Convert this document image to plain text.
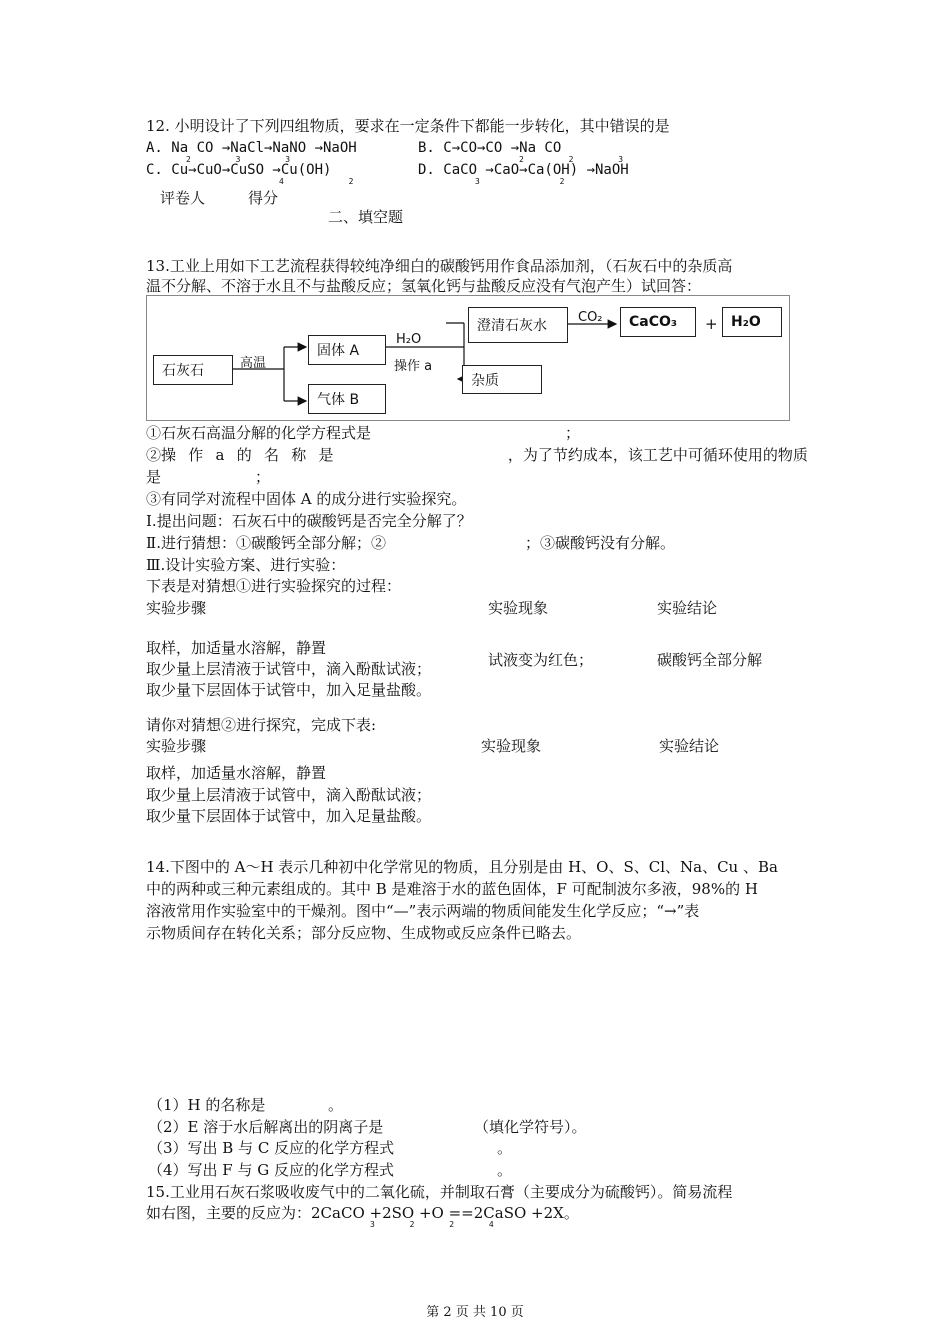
12. 小明设计了下列四组物质，要求在一定条件下都能一步转化，其中错误的是
A. Na CO →NaCl→NaNO →NaOH
2 3 3
B. C→CO→CO →Na CO
2 2 3
C. Cu→CuO→CuSO →Cu(OH)
4 2
D. CaCO →CaO→Ca(OH) →NaOH
3 2
评卷人	得分
二、填空题
13.工业上用如下工艺流程获得较纯净细白的碳酸钙用作食品添加剂，（石灰石中的杂质高
温不分解、不溶于水且不与盐酸反应；氢氧化钙与盐酸反应没有气泡产生）试回答：
石灰石	高温
固体 A
气体 B
H₂O
操作 a
澄清石灰水
CO₂	CaCO₃	+ H₂O
杂质
①石灰石高温分解的化学方程式是	；
②操 作 a 的 名 称 是	，为了节约成本，该工艺中可循环使用的物质
是	；
③有同学对流程中固体 A 的成分进行实验探究。
Ⅰ.提出问题：石灰石中的碳酸钙是否完全分解了？
Ⅱ.进行猜想：①碳酸钙全部分解；②	；③碳酸钙没有分解。
Ⅲ.设计实验方案、进行实验：
下表是对猜想①进行实验探究的过程：
实验步骤	实验现象	实验结论
取样，加适量水溶解，静置
取少量上层清液于试管中，滴入酚酞试液；
取少量下层固体于试管中，加入足量盐酸。
试液变为红色；	碳酸钙全部分解
请你对猜想②进行探究，完成下表:
实验步骤	实验现象	实验结论
取样，加适量水溶解，静置
取少量上层清液于试管中，滴入酚酞试液；
取少量下层固体于试管中，加入足量盐酸。
14.下图中的 A～H 表示几种初中化学常见的物质，且分别是由 H、O、S、Cl、Na、Cu 、Ba
中的两种或三种元素组成的。其中 B 是难溶于水的蓝色固体，F 可配制波尔多液，98%的 H
溶液常用作实验室中的干燥剂。图中“—”表示两端的物质间能发生化学反应；“→”表
示物质间存在转化关系；部分反应物、生成物或反应条件已略去。
（1）H 的名称是	。
（2）E 溶于水后解离出的阴离子是	（填化学符号）。
（3）写出 B 与 C 反应的化学方程式	。
（4）写出 F 与 G 反应的化学方程式	。
15.工业用石灰石浆吸收废气中的二氧化硫，并制取石膏（主要成分为硫酸钙）。简易流程
如右图，主要的反应为：2CaCO +2SO +O ==2CaSO +2X。
3 2 2 4
第 2 页 共 10 页
